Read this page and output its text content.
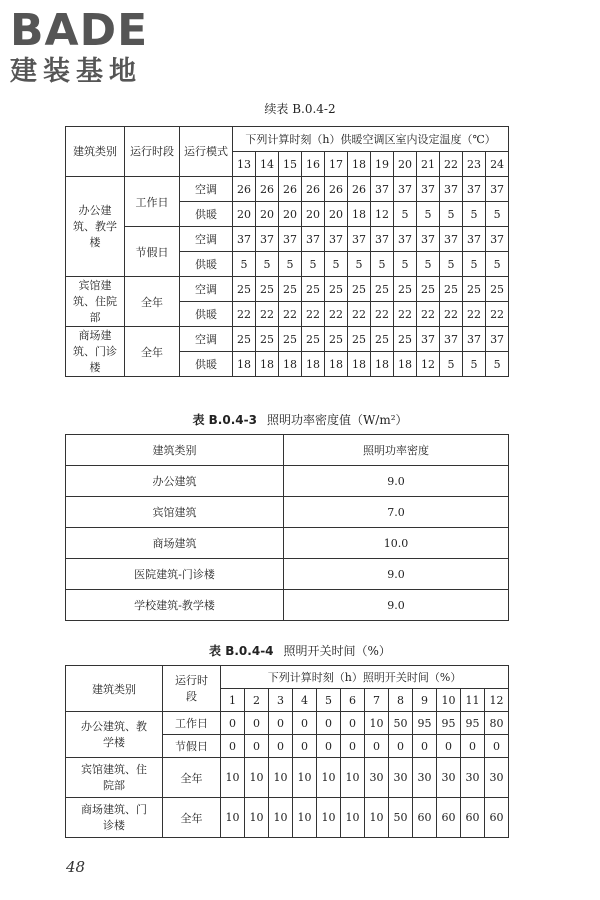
BADE
建装基地
续表 B.0.4-2
建筑类别	运行时段	运行模式	下列计算时刻（h）供暖空调区室内设定温度（℃）											
			13	14	15	16	17	18	19	20	21	22	23	24
办公建筑、教学楼	工作日	空调	26	26	26	26	26	26	37	37	37	37	37	37
		供暖	20	20	20	20	20	18	12	5	5	5	5	5
	节假日	空调	37	37	37	37	37	37	37	37	37	37	37	37
		供暖	5	5	5	5	5	5	5	5	5	5	5	5
宾馆建筑、住院部	全年	空调	25	25	25	25	25	25	25	25	25	25	25	25
		供暖	22	22	22	22	22	22	22	22	22	22	22	22
商场建筑、门诊楼	全年	空调	25	25	25	25	25	25	25	25	37	37	37	37
		供暖	18	18	18	18	18	18	18	18	12	5	5	5
表 B.0.4-3 照明功率密度值（W/m²）
建筑类别	照明功率密度
办公建筑	9.0
宾馆建筑	7.0
商场建筑	10.0
医院建筑-门诊楼	9.0
学校建筑-教学楼	9.0
表 B.0.4-4 照明开关时间（%）
建筑类别	运行时段	下列计算时刻（h）照明开关时间（%）											
		1	2	3	4	5	6	7	8	9	10	11	12
办公建筑、教学楼	工作日	0	0	0	0	0	0	10	50	95	95	95	80
	节假日	0	0	0	0	0	0	0	0	0	0	0	0
宾馆建筑、住院部	全年	10	10	10	10	10	10	30	30	30	30	30	30
商场建筑、门诊楼	全年	10	10	10	10	10	10	10	50	60	60	60	60
48
